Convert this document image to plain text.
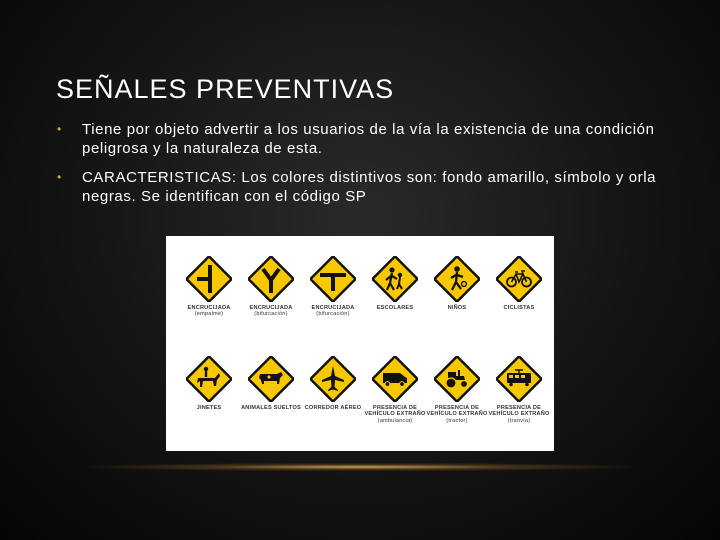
SEÑALES PREVENTIVAS
• Tiene por objeto advertir a los usuarios de la vía la existencia de una condición peligrosa y la naturaleza de esta.
• CARACTERISTICAS: Los colores distintivos son: fondo amarillo, símbolo y orla negras. Se identifican con el código SP
ENCRUCIJADA
(empalme)
ENCRUCIJADA
(bifurcación)
ENCRUCIJADA
(bifurcación)
ESCOLARES	NIÑOS	CICLISTAS
JINETES	ANIMALES SUELTOS CORREDOR AÉREO	PRESENCIA DE VEHÍCULO EXTRAÑO
(ambulancia)
PRESENCIA DE VEHÍCULO EXTRAÑO
(tractor)
PRESENCIA DE VEHÍCULO EXTRAÑO
(tranvía)
